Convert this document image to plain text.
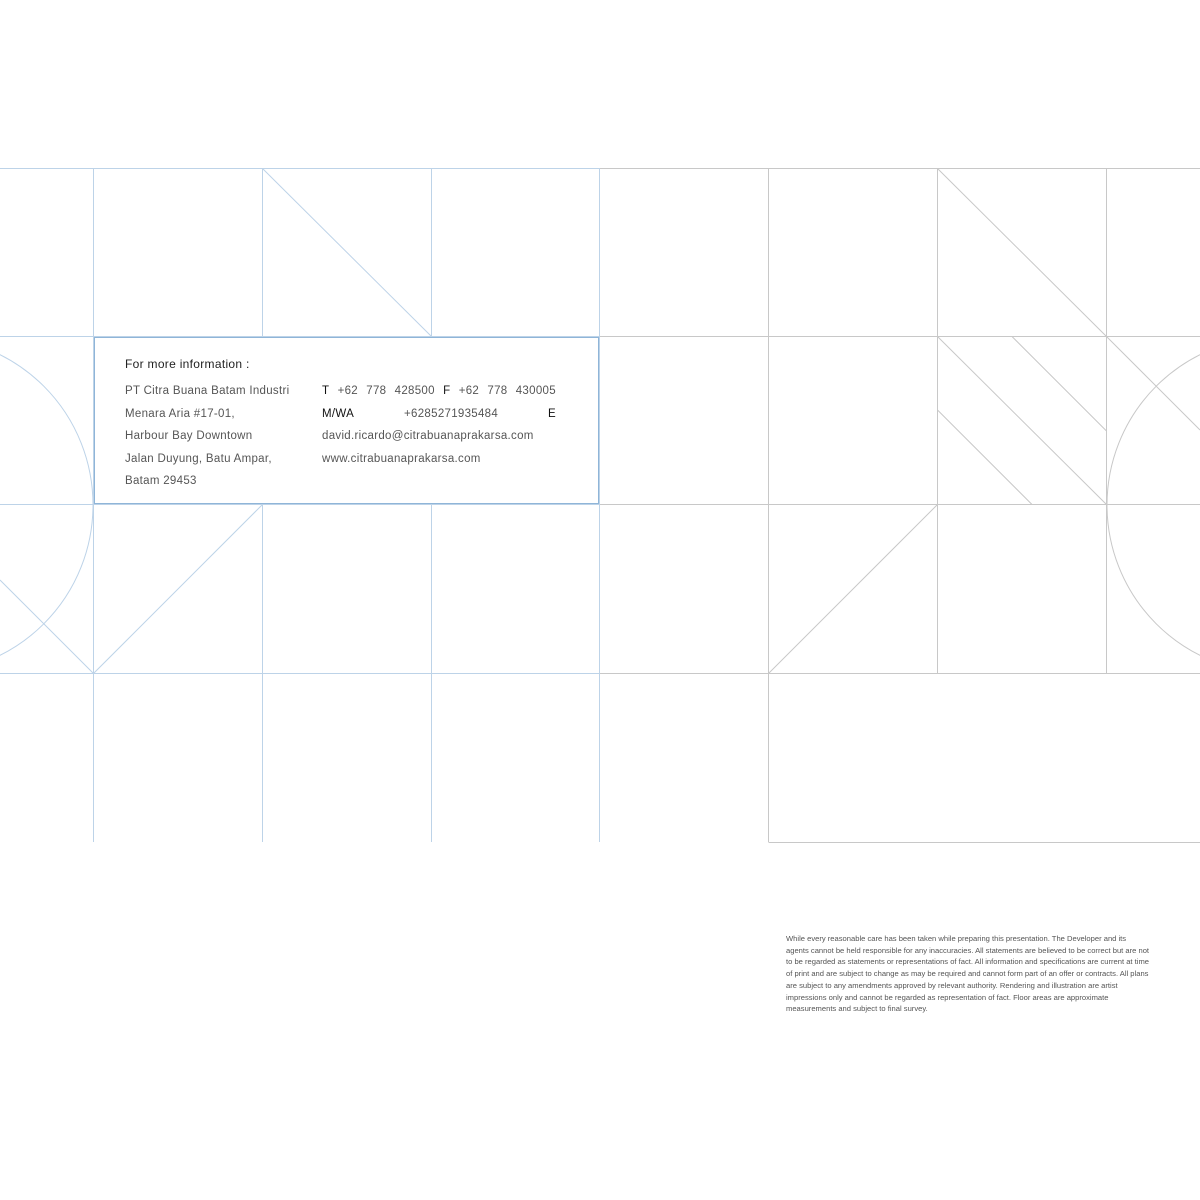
For more information :
PT Citra Buana Batam Industri
Menara Aria #17-01,
Harbour Bay Downtown
Jalan Duyung, Batu Ampar,
Batam 29453
T +62 778 428500 F +62 778 430005
M/WA	+6285271935484	E
david.ricardo@citrabuanaprakarsa.com
www.citrabuanaprakarsa.com

While every reasonable care has been taken while preparing this presentation. The Developer and its agents cannot be held responsible for any inaccuracies. All statements are believed to be correct but are not to be regarded as statements or representations of fact. All information and specifications are current at time of print and are subject to change as may be required and cannot form part of an offer or contracts. All plans are subject to any amendments approved by relevant authority. Rendering and illustration are artist impressions only and cannot be regarded as representation of fact. Floor areas are approximate measurements and subject to final survey.
